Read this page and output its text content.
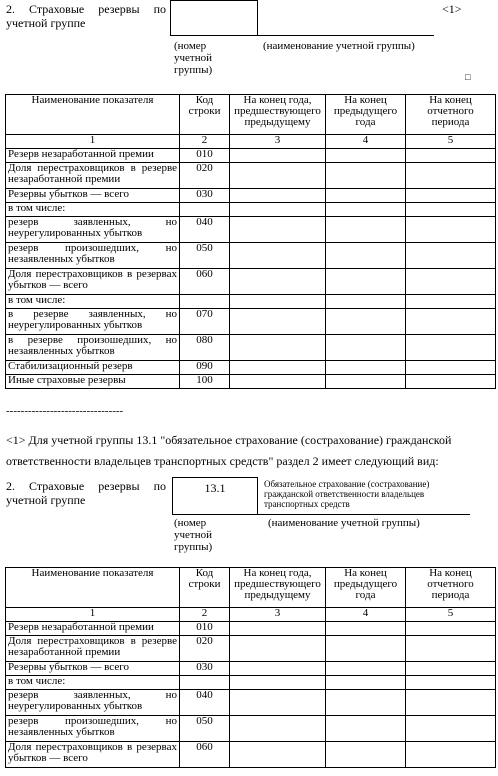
2. Страховые резервы по учетной группе
<1>
(номер учетной группы)
(наименование учетной группы)
□
Наименование показателя	Код строки	На конец года, предшествующего предыдущему	На конец предыдущего года	На конец отчетного периода
1	2	3	4	5
Резерв незаработанной премии	010			
Доля перестраховщиков в резерве незаработанной премии	020			
Резервы убытков — всего	030			
в том числе:				
резерв заявленных, но неурегулированных убытков	040			
резерв произошедших, но незаявленных убытков	050			
Доля перестраховщиков в резервах убытков — всего	060			
в том числе:				
в резерве заявленных, но неурегулированных убытков	070			
в резерве произошедших, но незаявленных убытков	080			
Стабилизационный резерв	090			
Иные страховые резервы	100			
--------------------------------
<1> Для учетной группы 13.1 "обязательное страхование (сострахование) гражданской
ответственности владельцев транспортных средств" раздел 2 имеет следующий вид:
2. Страховые резервы по учетной группе
13.1	Обязательное страхование (сострахование) гражданской ответственности владельцев транспортных средств
(номер учетной группы)
(наименование учетной группы)
Наименование показателя	Код строки	На конец года, предшествующего предыдущему	На конец предыдущего года	На конец отчетного периода
1	2	3	4	5
Резерв незаработанной премии	010			
Доля перестраховщиков в резерве незаработанной премии	020			
Резервы убытков — всего	030			
в том числе:				
резерв заявленных, но неурегулированных убытков	040			
резерв произошедших, но незаявленных убытков	050			
Доля перестраховщиков в резервах убытков — всего	060			
